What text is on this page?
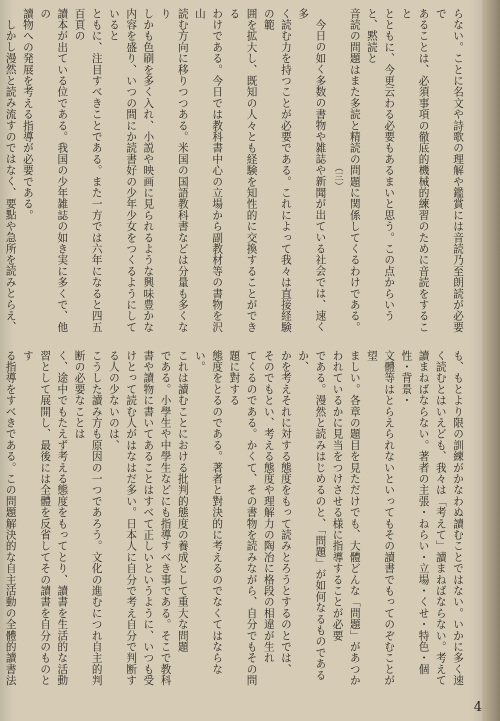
らない。ことに名文や詩歌の理解や鑑賞には音読乃至朗読が必要で

あることは、必須事項の徹底的機械的練習のために音読をすること

とともに、今更云わる必要もあるまいと思う。この点からいうと、黙読と

音読の問題はまた多読と精読の問題に関係してくるわけである。

（三）

今日の如く多数の書物や雑誌や新聞が出ている社会では、速く多

く読む力を持つことが必要である。これによって我々は直接経験の範

囲を拡大し、既知の人々とも経験を知性的に交換することができる

わけである。今日では教科書中心の立場から副教材等の書物を沢山

読む方向に移りつつある。米国の国語教科書などは分量も多くなり

しかも色刷を多く入れ、小説や映画に見られるような興味豊かな

内容を盛り、いつの間にか読書好の少年少女をつくるようにしていると

ともに、注目すべきことである。また一方では六年になると四五百頁の

讀本が出ている位である。我国の少年雑誌の如き実に多くで、他の

讀物への発展を考える指導が必要である。

しかし漫然と読み流すのではなく、要點や急所を読みとらえ、

も、もとより限の訓練がかなわぬ讀むことではない。いかに多く速

く読むとはいえども、我々は「考えて」讀まねばならない。考えて

讀まねばならない。著者の主張・ねらい・立場・くせ・特色・個性・背景・

文體等はとらえられないといってもその讀書でもってのぞむことが望

ましい。各章の題目を見ただけでも、大體どんな「問題」があつか

われているかに見当をつけさせる様に指導することが必要

である。漫然と読みはじめるのと、「問題」が如何なるものであるか、

かを考えそれに対する態度をもって読みとろうとするのとでは、

そのでもとい、考える態度や理解力の陶冶に格段の相違が生れ

てくるのである。かくて、その書物を読みながら、自分でもその問題に對する

態度をとるのである。著者と對決的に考えるのでなくてはならない。

これは讀むことにおける批判的態度の養成として重大な問題

である。小學生や中學生などにも指導すべき事である。そこで教科

書や讀物に書いてあることはすべて正しいというように、いつも受

けとって読む人がはなはだ多い。日本人に自分で考え自分で判断する人の少ないのは、

こうした讀み方も原因の一つであろう。文化の進むにつれ自主的判断の必要なことは

く、途中でもたえず考える態度をもってとり、讀書を生活的な活動

習として展開し、最後には全體を反省してその讀書を自分のものとす

る指導をすべきである。この問題解決的な自主活動の全體的讀書法

4
